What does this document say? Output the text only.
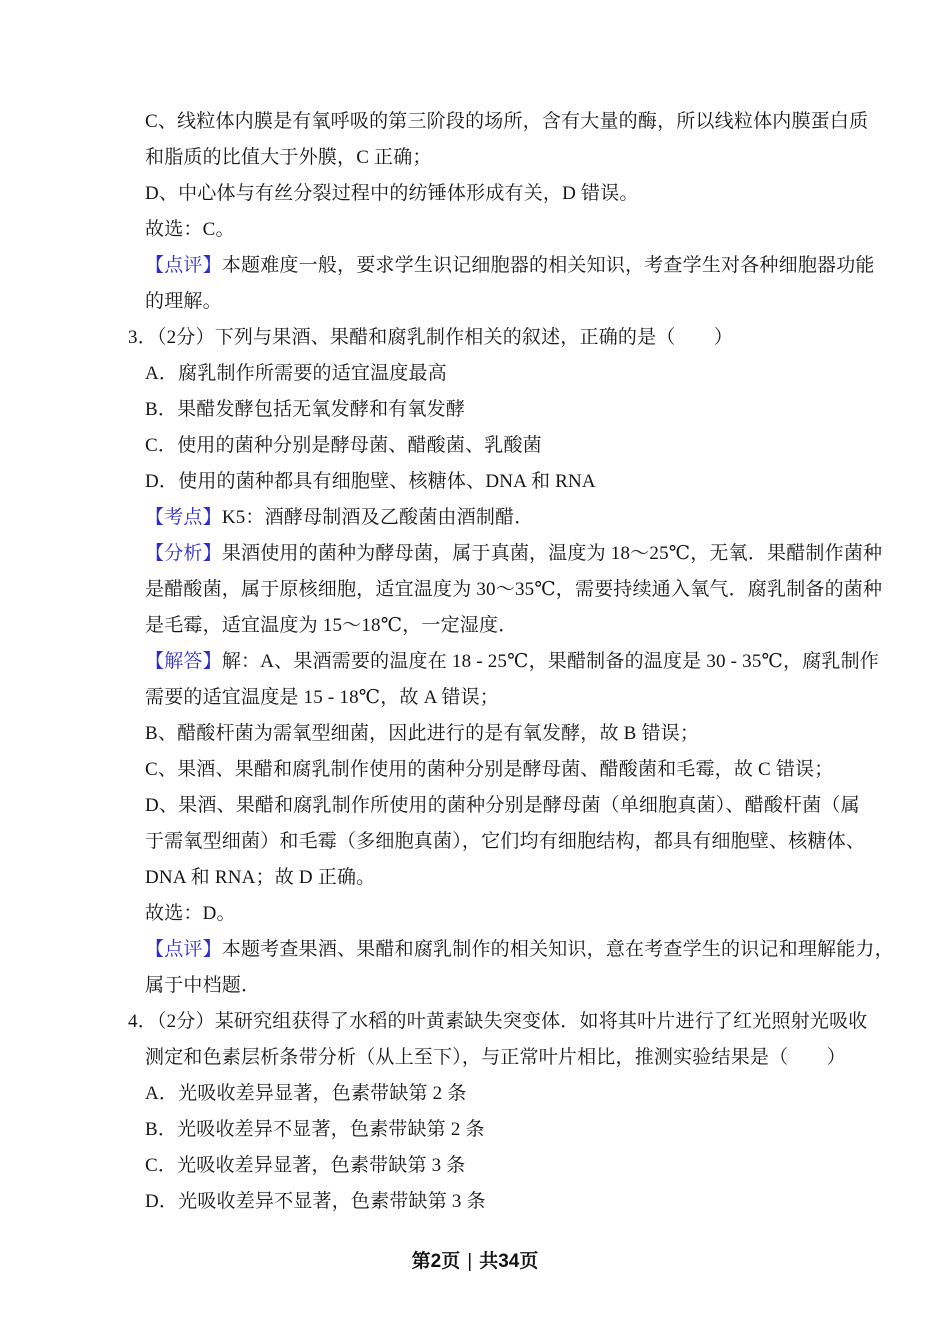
C、线粒体内膜是有氧呼吸的第三阶段的场所，含有大量的酶，所以线粒体内膜蛋白质
和脂质的比值大于外膜，C 正确；
D、中心体与有丝分裂过程中的纺锤体形成有关，D 错误。
故选：C。
【点评】本题难度一般，要求学生识记细胞器的相关知识，考查学生对各种细胞器功能
的理解。
3．（2分）下列与果酒、果醋和腐乳制作相关的叙述，正确的是（　　）
A．腐乳制作所需要的适宜温度最高
B．果醋发酵包括无氧发酵和有氧发酵
C．使用的菌种分别是酵母菌、醋酸菌、乳酸菌
D．使用的菌种都具有细胞壁、核糖体、DNA 和 RNA
【考点】K5：酒酵母制酒及乙酸菌由酒制醋．
【分析】果酒使用的菌种为酵母菌，属于真菌，温度为 18～25℃，无氧．果醋制作菌种
是醋酸菌，属于原核细胞，适宜温度为 30～35℃，需要持续通入氧气．腐乳制备的菌种
是毛霉，适宜温度为 15～18℃，一定湿度．
【解答】解：A、果酒需要的温度在 18 - 25℃，果醋制备的温度是 30 - 35℃，腐乳制作
需要的适宜温度是 15 - 18℃，故 A 错误；
B、醋酸杆菌为需氧型细菌，因此进行的是有氧发酵，故 B 错误；
C、果酒、果醋和腐乳制作使用的菌种分别是酵母菌、醋酸菌和毛霉，故 C 错误；
D、果酒、果醋和腐乳制作所使用的菌种分别是酵母菌（单细胞真菌）、醋酸杆菌（属
于需氧型细菌）和毛霉（多细胞真菌），它们均有细胞结构，都具有细胞壁、核糖体、
DNA 和 RNA；故 D 正确。
故选：D。
【点评】本题考查果酒、果醋和腐乳制作的相关知识，意在考查学生的识记和理解能力，
属于中档题．
4．（2分）某研究组获得了水稻的叶黄素缺失突变体．如将其叶片进行了红光照射光吸收
测定和色素层析条带分析（从上至下），与正常叶片相比，推测实验结果是（　　）
A．光吸收差异显著，色素带缺第 2 条
B．光吸收差异不显著，色素带缺第 2 条
C．光吸收差异显著，色素带缺第 3 条
D．光吸收差异不显著，色素带缺第 3 条
第2页 | 共34页
